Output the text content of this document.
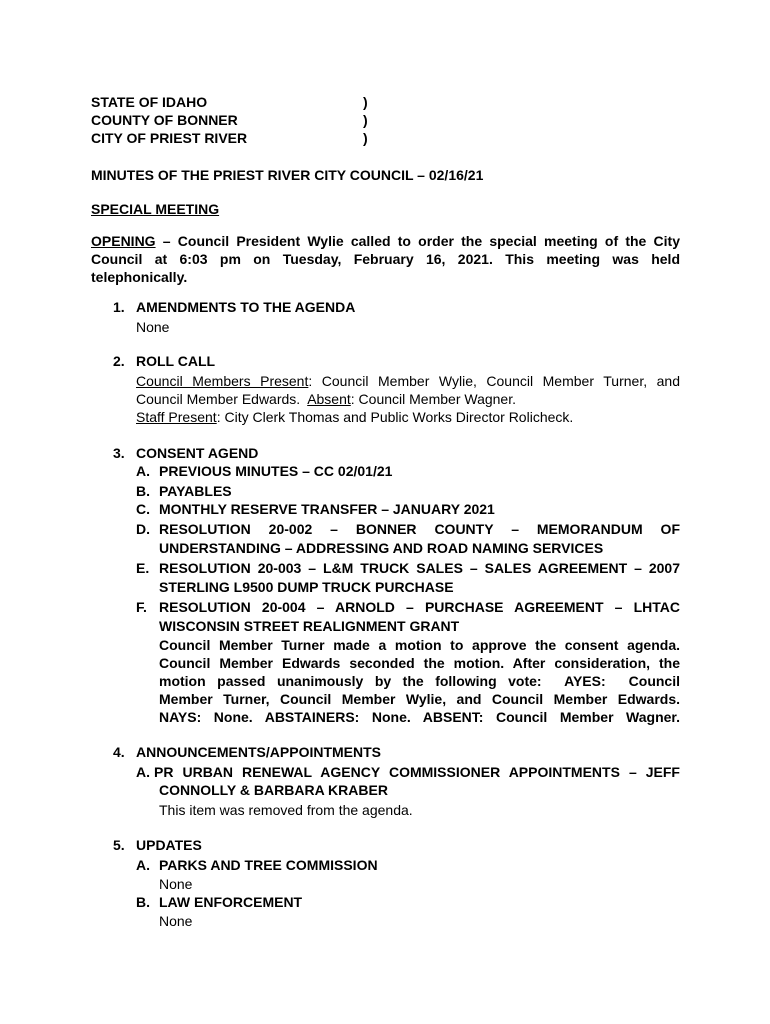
STATE OF IDAHO	)
COUNTY OF BONNER	)
CITY OF PRIEST RIVER	)
MINUTES OF THE PRIEST RIVER CITY COUNCIL – 02/16/21
SPECIAL MEETING
OPENING – Council President Wylie called to order the special meeting of the City
Council at 6:03 pm on Tuesday, February 16, 2021. This meeting was held
telephonically.
1. AMENDMENTS TO THE AGENDA
None
2. ROLL CALL
Council Members Present: Council Member Wylie, Council Member Turner, and
Council Member Edwards.  Absent: Council Member Wagner.
Staff Present: City Clerk Thomas and Public Works Director Rolicheck.
3. CONSENT AGEND
A. PREVIOUS MINUTES – CC 02/01/21
B. PAYABLES
C. MONTHLY RESERVE TRANSFER – JANUARY 2021
D. RESOLUTION 20-002 – BONNER COUNTY – MEMORANDUM OF
UNDERSTANDING – ADDRESSING AND ROAD NAMING SERVICES
E. RESOLUTION 20-003 – L&M TRUCK SALES – SALES AGREEMENT – 2007
STERLING L9500 DUMP TRUCK PURCHASE
F. RESOLUTION 20-004 – ARNOLD – PURCHASE AGREEMENT – LHTAC
WISCONSIN STREET REALIGNMENT GRANT
Council Member Turner made a motion to approve the consent agenda.
Council Member Edwards seconded the motion. After consideration, the
motion passed unanimously by the following vote:  AYES:  Council
Member Turner, Council Member Wylie, and Council Member Edwards.
NAYS: None. ABSTAINERS: None. ABSENT: Council Member Wagner.
4. ANNOUNCEMENTS/APPOINTMENTS
A. PR URBAN RENEWAL AGENCY COMMISSIONER APPOINTMENTS – JEFF
CONNOLLY & BARBARA KRABER
This item was removed from the agenda.
5. UPDATES
A. PARKS AND TREE COMMISSION
None
B. LAW ENFORCEMENT
None
